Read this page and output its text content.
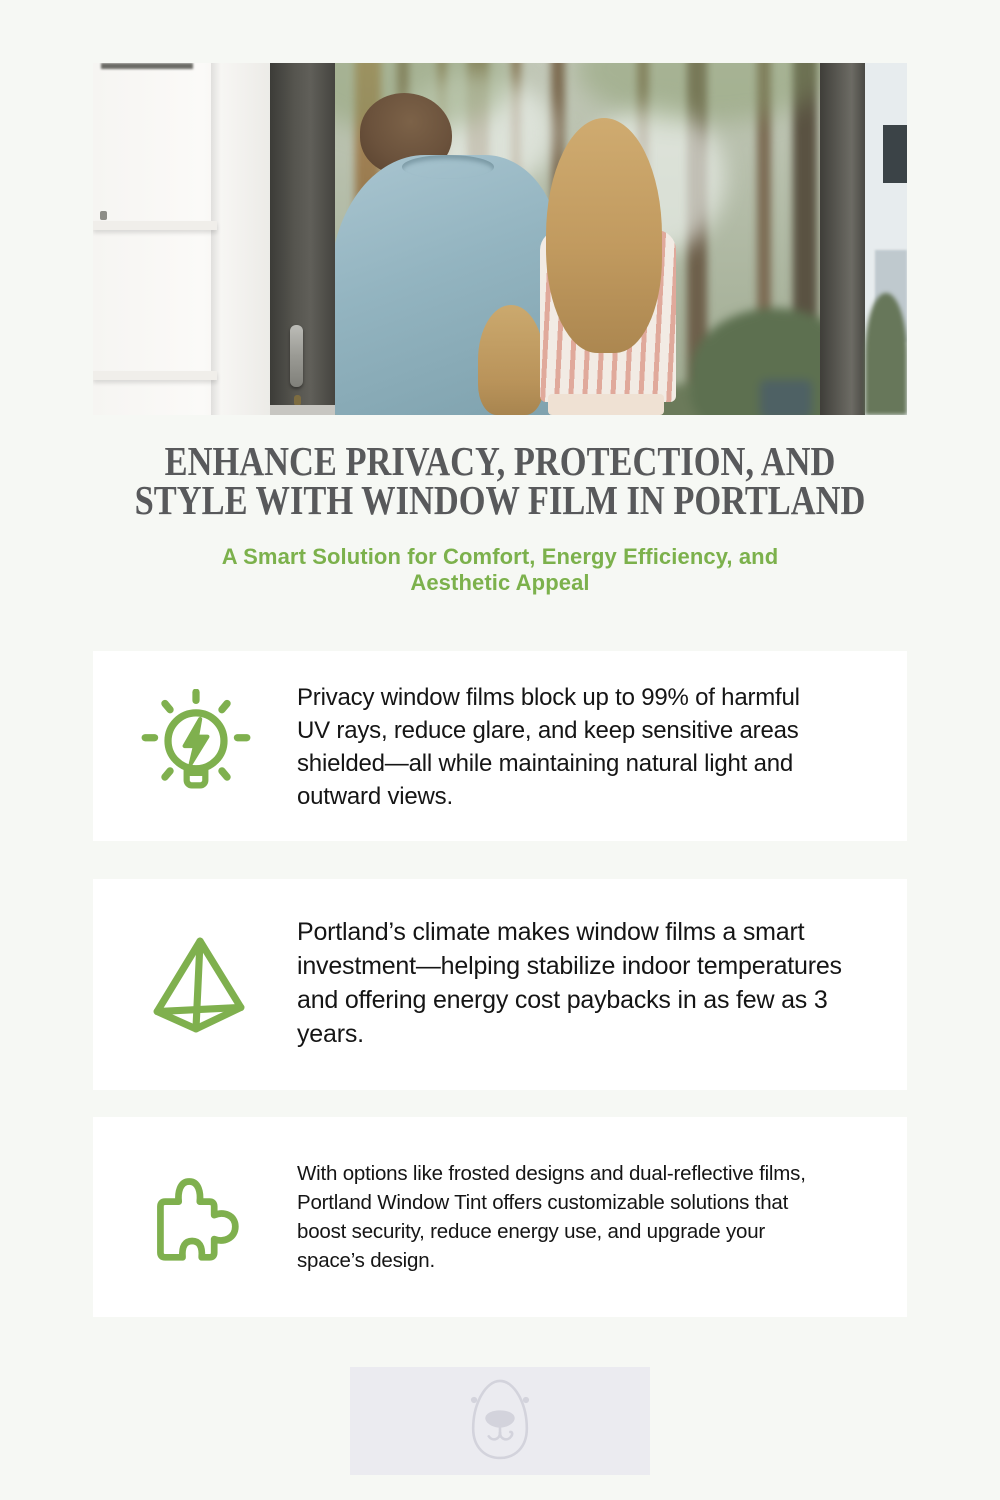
ENHANCE PRIVACY, PROTECTION, AND
STYLE WITH WINDOW FILM IN PORTLAND
A Smart Solution for Comfort, Energy Efficiency, and
Aesthetic Appeal

Privacy window films block up to 99% of harmful UV rays, reduce glare, and keep sensitive areas shielded—all while maintaining natural light and outward views.

Portland’s climate makes window films a smart investment—helping stabilize indoor temperatures and offering energy cost paybacks in as few as 3 years.

With options like frosted designs and dual-reflective films, Portland Window Tint offers customizable solutions that boost security, reduce energy use, and upgrade your space’s design.
